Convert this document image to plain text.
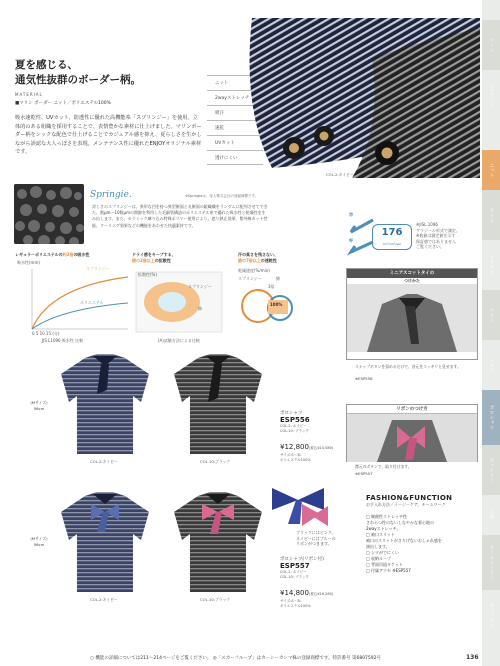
スーツ
ジャケット
ニット
ボトム
ブラウス
ベスト
シャツ
ポロシャツ
カットソー
小物
オールシーズン
カジュアル
夏を感じる、
通気性抜群のボーダー柄。
MATERIAL
■マリン ボーダー ニット／ポリエステル100%
吸水速乾性、UVカット、防透性に優れた高機能糸「スプリンジー」を使用。立体的のある組織を採用することで、表情豊かな素材に仕上げました。マリンボーダー柄をシックな配色で仕上げることでカジュアル感を抑え、夏らしさを生かしながら誤認な大人っぽさを表現。メンテナンス性に優れたENJOYオリジナル素材です。
ニット
2wayストレッチ
吸汗
速乾
UVカット
透けにくい
COL.2:ネイビー	COL.10:ブラック
Springie.	※Springieは、帝人株式会社の登録商標です。
涼しさのスプリンジーは、異形な凹を持つ異型断面と丸断面の組織繊をランダムに配列させてできた、数μm〜10数μmの間隙を利用した毛細管構造のポリエステル糸で優れた吸水性と乾燥性を生み出します。また、セラミック練り込み特殊ポリマー使用により、遮り熱止効果、紫外線カット性能、クーリング効果などの機能をあわせた快適素材です。
涼
呼
176
cm²/cm²/sec
※JISL.1096
グラジール形式で測定。
※数値は測定値を示す
保証値ではありません
ご覧ください。
レギュラーポリエステルの約2倍の吸水性
吸水性(mm)
スプリンジー
ポリエステル
0 5 10 15 (分)
JIS L1096 吸水性 比較
ドライ感をキープする、
綿の2倍以上の拡散性
拡散性(%)
スプリンジー
綿
(A)試験方法による比較
汗の臭さを残さない、
綿の7倍以上の速乾性
乾燥速度(%/min)
スプリンジー	綿
3倍
100%
ミニアスコットタイの
つけかた
スナップボタンを留めるだけで、首元をスッキリと見せます。
※ESP556
リボンのつけ方
襟元のボタンで、取り付けます。
※ESP557
(Mサイズ)
56cm
COL.2:ネイビー	COL.10:ブラック
ポロシャツ
ESP556
COL.2: ネイビー
COL.10: ブラック
¥12,800(税込¥14,080)
サイズ:S〜3L
ポリエステル100%
(Mサイズ)
56cm
COL.2:ネイビー	COL.10:ブラック
ブラックにはピンク、
ネイビーにはブルーの
リボンがつきます。
ポロシャツ(リボン付)
ESP557
COL.2: ネイビー
COL.10: ブラック
¥14,800(税込¥16,280)
サイズ:S〜3L
ポリエステル100%
FASHION&FUNCTION
お手入れ方法／イージーケア、チームワーク
□ 制菌性ストレッチ性
さわらつ性のないしなやかな着心地の
2wayストレッチ。
□ 袖口スリット
袖口のスリットがさりげないおしゃれ感を
演出します。
□ シワがでにくい
□ 収納ループ
□ 背面吊紐タケット
□ 付属アウセ ※ESP557
○ 機能の詳細については211〜214ページをご覧ください。 ◎「スカーフループ」はカーシーカシマ株の登録商標です。特許番号 第6807592号	136
